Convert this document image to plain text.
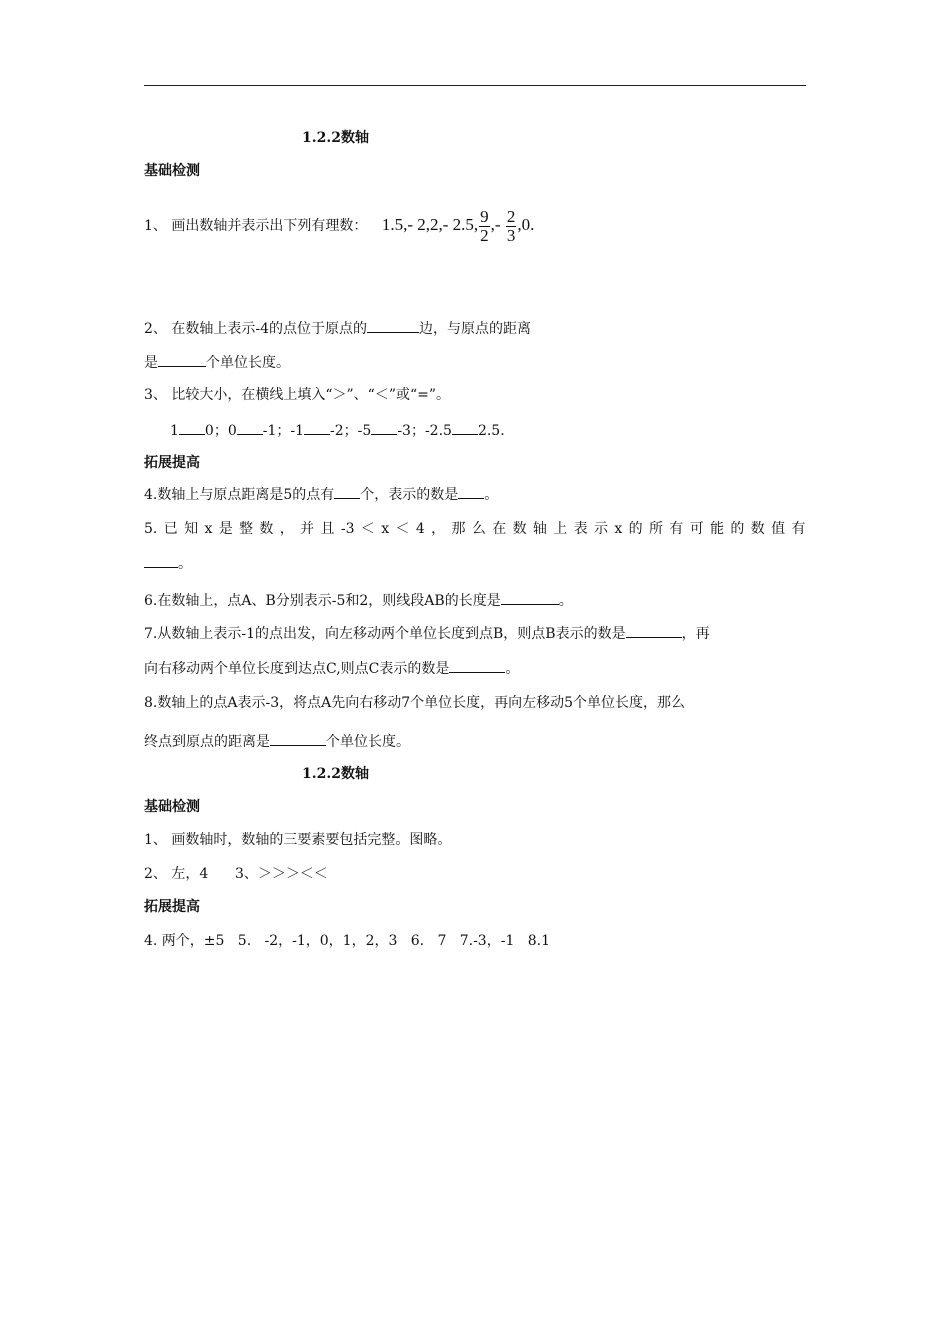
1.2.2数轴
基础检测
1、 画出数轴并表示出下列有理数： 1.5,- 2,2,- 2.5, $\frac{9}{2}$ ,- $\frac{2}{3} ,0$.
2、 在数轴上表示-4的点位于原点的	边，与原点的距离
是	个单位长度。
3、 比较大小，在横线上填入“＞”、“＜”或“=”。
1 0；0 -1；-1 -2；-5 -3；-2.5 2.5.
拓展提高
4.数轴上与原点距离是5的点有 个，表示的数是 。
5. 已 知 x 是 整 数 ， 并 且 -3 ＜ x ＜ 4 ， 那 么 在 数 轴 上 表 示 x 的 所 有 可 能 的 数 值 有
。
6.在数轴上，点A、B分别表示-5和2，则线段AB的长度是	。
7.从数轴上表示-1的点出发，向左移动两个单位长度到点B，则点B表示的数是	，再
向右移动两个单位长度到达点C,则点C表示的数是	。
8.数轴上的点A表示-3，将点A先向右移动7个单位长度，再向左移动5个单位长度，那么
终点到原点的距离是	个单位长度。
1.2.2数轴
基础检测
1、 画数轴时，数轴的三要素要包括完整。图略。
2、 左，4      3、＞＞＞＜＜
拓展提高
4. 两个，±5   5.   -2，-1，0，1，2，3   6.   7   7.-3，-1   8.1
